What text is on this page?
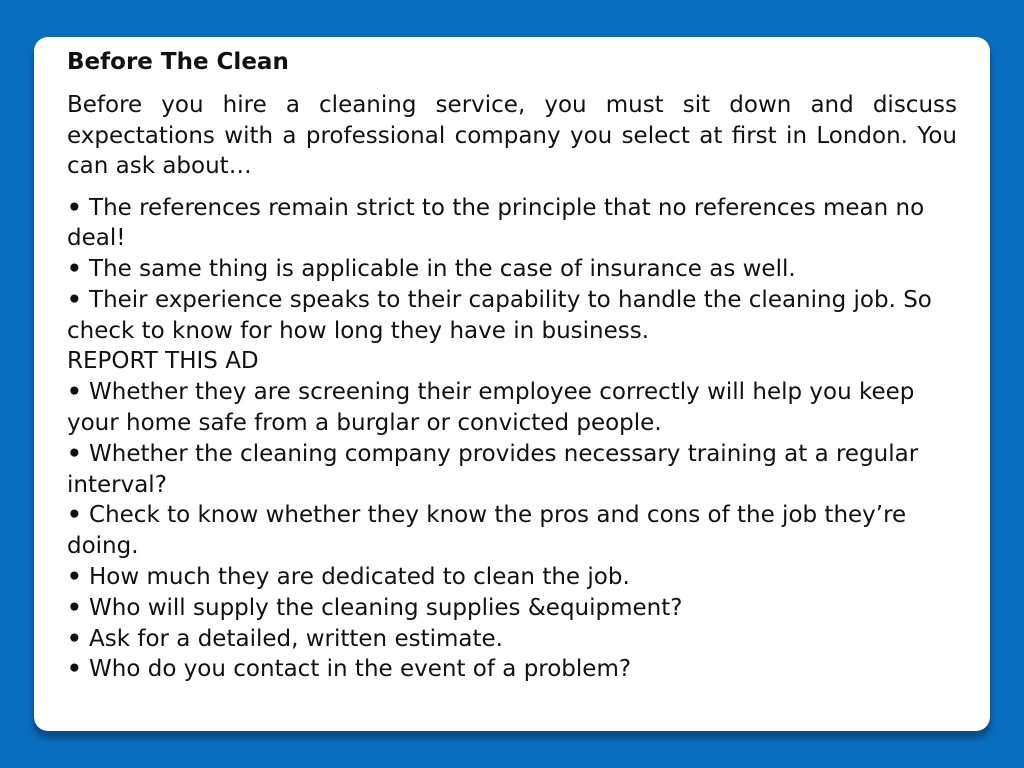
Before The Clean

Before you hire a cleaning service, you must sit down and discuss expectations with a professional company you select at first in London. You can ask about…

• The references remain strict to the principle that no references mean no deal!
• The same thing is applicable in the case of insurance as well.
• Their experience speaks to their capability to handle the cleaning job. So check to know for how long they have in business.
REPORT THIS AD
• Whether they are screening their employee correctly will help you keep your home safe from a burglar or convicted people.
• Whether the cleaning company provides necessary training at a regular interval?
• Check to know whether they know the pros and cons of the job they’re doing.
• How much they are dedicated to clean the job.
• Who will supply the cleaning supplies &equipment?
• Ask for a detailed, written estimate.
• Who do you contact in the event of a problem?
